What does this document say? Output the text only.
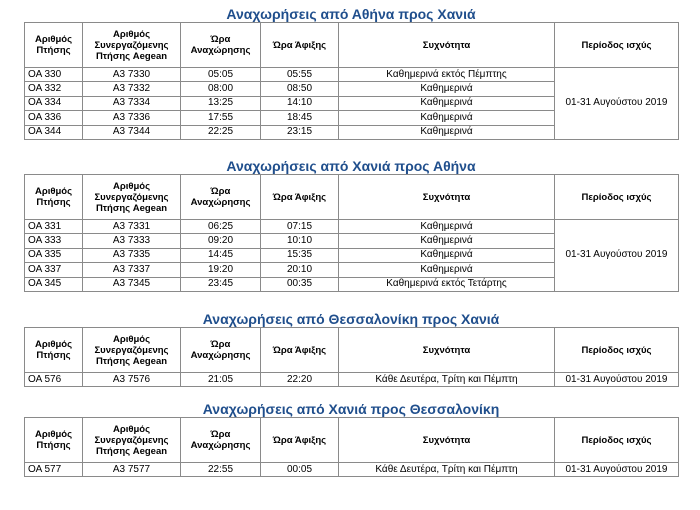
Αναχωρήσεις από Αθήνα προς Χανιά
Αριθμός Πτήσης	Αριθμός Συνεργαζόμενης Πτήσης Aegean	Ώρα Αναχώρησης	Ώρα Άφιξης	Συχνότητα	Περίοδος ισχύς
ΟΑ 330	A3 7330	05:05	05:55	Καθημερινά εκτός Πέμπτης	01-31 Αυγούστου 2019
ΟΑ 332	A3 7332	08:00	08:50	Καθημερινά	
ΟΑ 334	A3 7334	13:25	14:10	Καθημερινά	
ΟΑ 336	A3 7336	17:55	18:45	Καθημερινά	
ΟΑ 344	A3 7344	22:25	23:15	Καθημερινά	
Αναχωρήσεις από Χανιά προς Αθήνα
Αριθμός Πτήσης	Αριθμός Συνεργαζόμενης Πτήσης Aegean	Ώρα Αναχώρησης	Ώρα Άφιξης	Συχνότητα	Περίοδος ισχύς
ΟΑ 331	A3 7331	06:25	07:15	Καθημερινά	01-31 Αυγούστου 2019
ΟΑ 333	A3 7333	09:20	10:10	Καθημερινά	
ΟΑ 335	A3 7335	14:45	15:35	Καθημερινά	
ΟΑ 337	A3 7337	19:20	20:10	Καθημερινά	
ΟΑ 345	A3 7345	23:45	00:35	Καθημερινά εκτός Τετάρτης	
Αναχωρήσεις από Θεσσαλονίκη προς Χανιά
Αριθμός Πτήσης	Αριθμός Συνεργαζόμενης Πτήσης Aegean	Ώρα Αναχώρησης	Ώρα Άφιξης	Συχνότητα	Περίοδος ισχύς
ΟΑ 576	A3 7576	21:05	22:20	Κάθε Δευτέρα, Τρίτη και Πέμπτη	01-31 Αυγούστου 2019
Αναχωρήσεις από Χανιά προς Θεσσαλονίκη
Αριθμός Πτήσης	Αριθμός Συνεργαζόμενης Πτήσης Aegean	Ώρα Αναχώρησης	Ώρα Άφιξης	Συχνότητα	Περίοδος ισχύς
ΟΑ 577	A3 7577	22:55	00:05	Κάθε Δευτέρα, Τρίτη και Πέμπτη	01-31 Αυγούστου 2019
